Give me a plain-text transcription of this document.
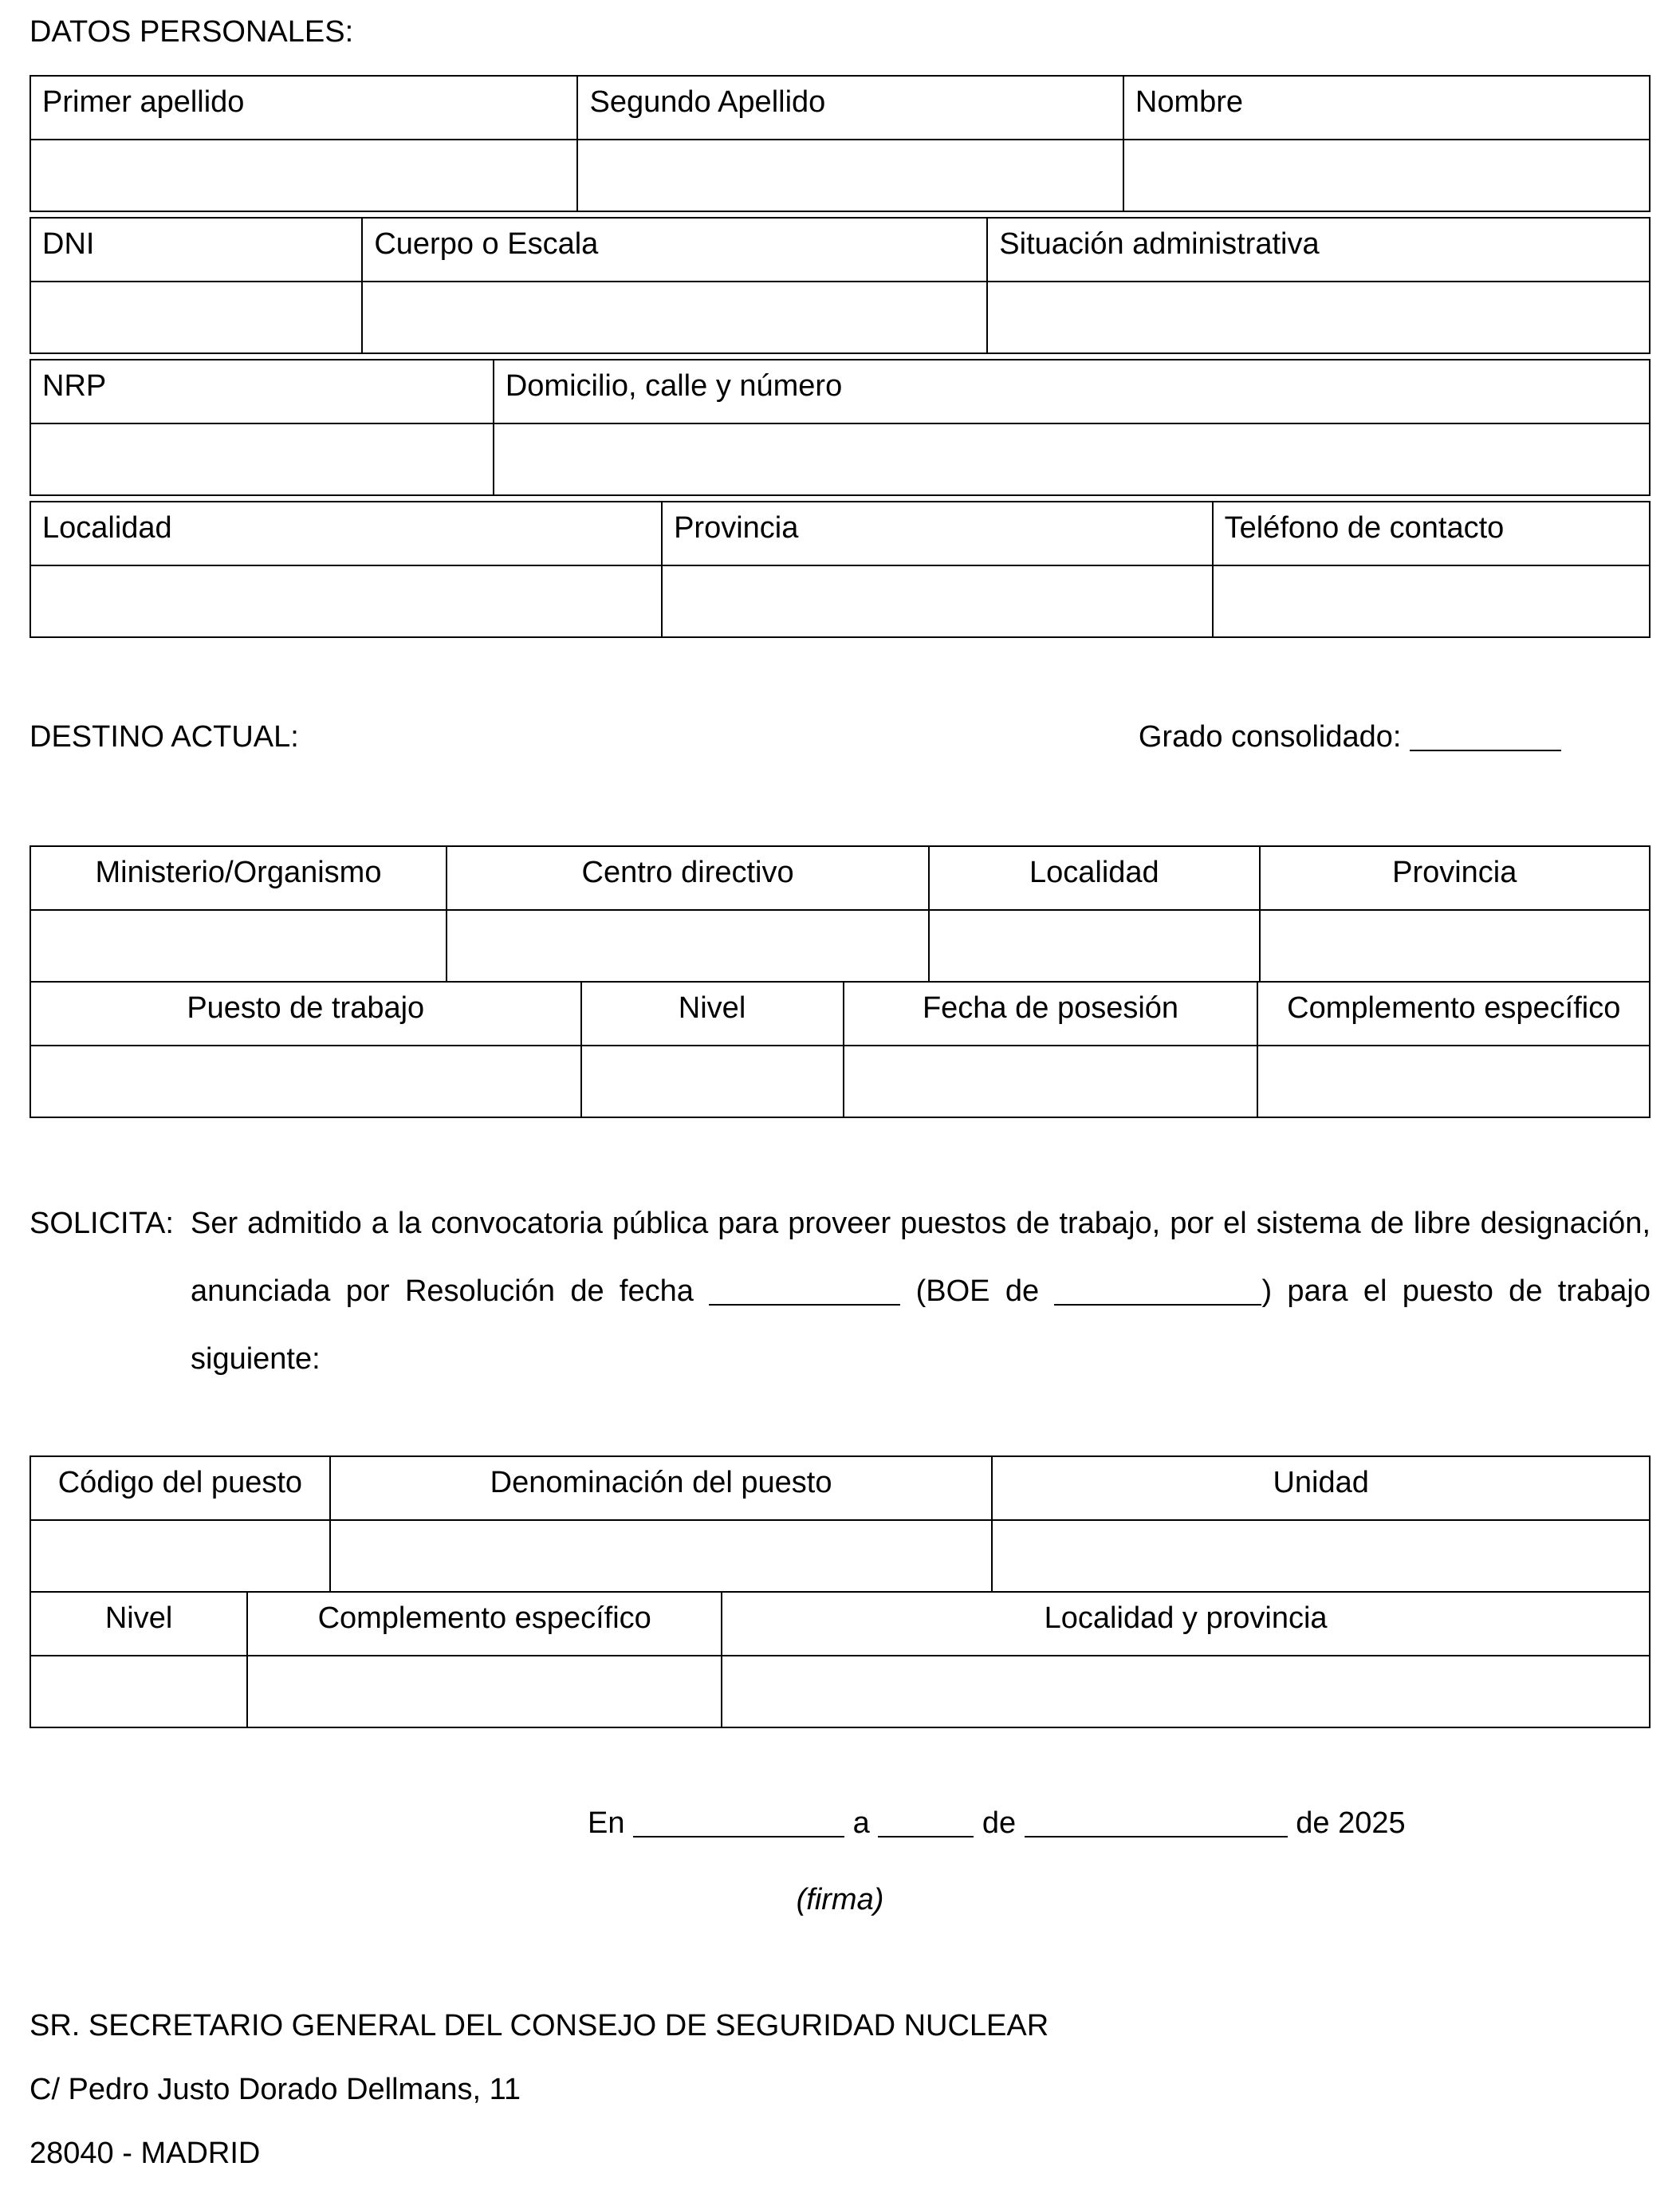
DATOS PERSONALES:
Primer apellido	Segundo Apellido	Nombre

DNI	Cuerpo o Escala	Situación administrativa

NRP	Domicilio, calle y número

Localidad	Provincia	Teléfono de contacto

DESTINO ACTUAL:	Grado consolidado:
Ministerio/Organismo	Centro directivo	Localidad	Provincia

Puesto de trabajo	Nivel	Fecha de posesión	Complemento específico

SOLICITA: Ser admitido a la convocatoria pública para proveer puestos de trabajo, por el sistema de libre designación, anunciada por Resolución de fecha	(BOE de	) para el puesto de trabajo siguiente:
Código del puesto	Denominación del puesto	Unidad

Nivel	Complemento específico	Localidad y provincia

En	a	de	de 2025
(firma)
SR. SECRETARIO GENERAL DEL CONSEJO DE SEGURIDAD NUCLEAR
C/ Pedro Justo Dorado Dellmans, 11
28040 - MADRID
